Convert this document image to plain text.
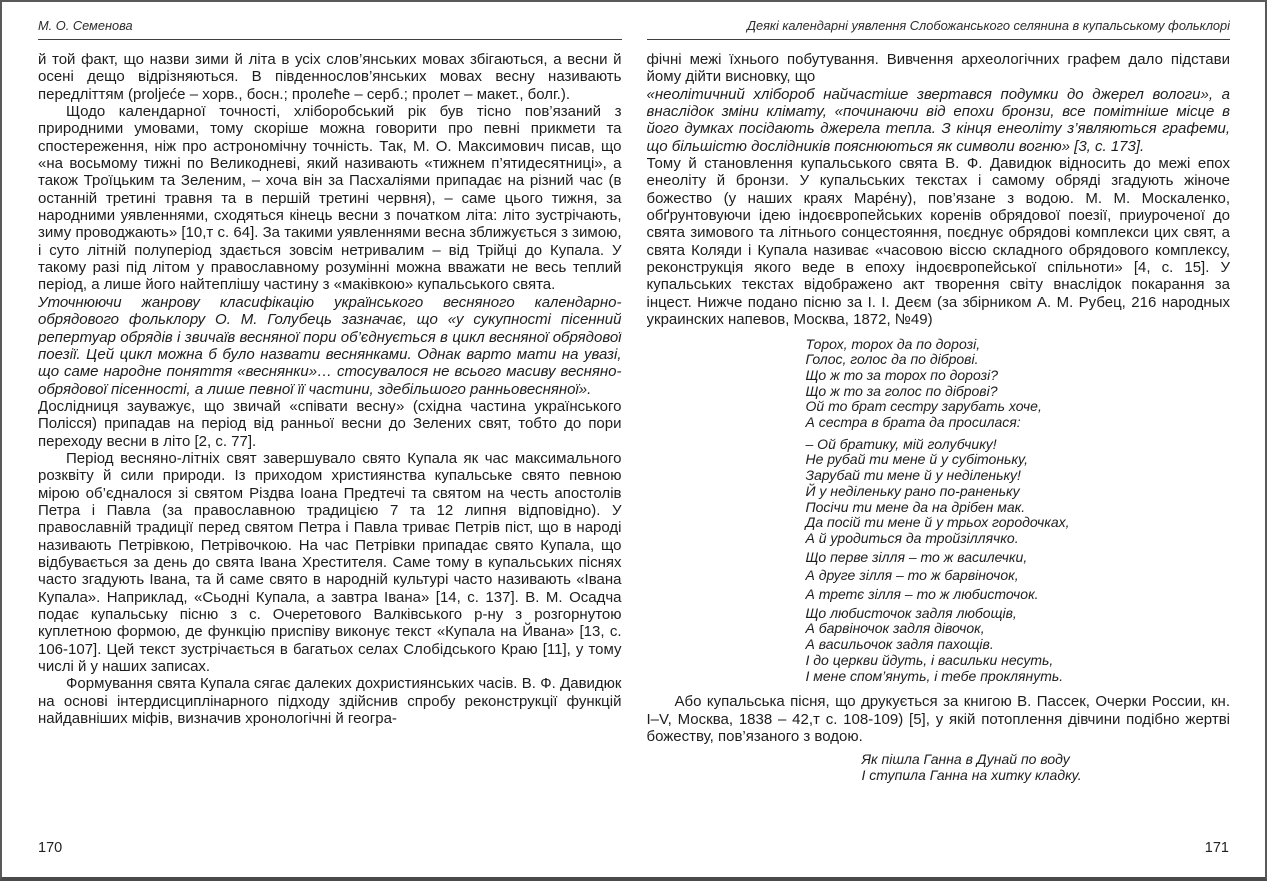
М. О. Семенова

й той факт, що назви зими й літа в усіх слов’янських мовах збігаються, а весни й осені дещо відрізняються. В південнослов’янських мовах весну називають передліттям (proljeće – хорв., босн.; пролеће – серб.; пролет – макет., болг.).

Щодо календарної точності, хліборобський рік був тісно пов’язаний з природними умовами, тому скоріше можна говорити про певні прикмети та спостереження, ніж про астрономічну точність. Так, М. О. Максимович писав, що «на восьмому тижні по Великодневі, який називають «тижнем п’ятидесятниці», а також Троїцьким та Зеленим, – хоча він за Пасхаліями припадає на різний час (в останній третині травня та в першій третині червня), – саме цього тижня, за народними уявленнями, сходяться кінець весни з початком літа: літо зустрічають, зиму проводжають» [10,т с. 64]. За такими уявленнями весна зближується з зимою, і суто літній полуперіод здається зовсім нетривалим – від Трійці до Купала. У такому разі під літом у православному розумінні можна вважати не весь теплий період, а лише його найтеплішу частину з «маківкою» купальського свята.

Уточнюючи жанрову класифікацію українського весняного календарно-обрядового фольклору О. М. Голубець зазначає, що «у сукупності пісенний репертуар обрядів і звичаїв весняної пори об’єднується в цикл весняної обрядової поезії. Цей цикл можна б було назвати веснянками. Однак варто мати на увазі, що саме народне поняття «веснянки»… стосувалося не всього масиву весняно-обрядової пісенності, а лише певної її частини, здебільшого ранньовесняної».

Дослідниця зауважує, що звичай «співати весну» (східна частина українського Полісся) припадав на період від ранньої весни до Зелених свят, тобто до пори переходу весни в літо [2, с. 77].

Період весняно-літніх свят завершувало свято Купала як час максимального розквіту й сили природи. Із приходом християнства купальське свято певною мірою об’єдналося зі святом Різдва Іоана Предтечі та святом на честь апостолів Петра і Павла (за православною традицією 7 та 12 липня відповідно). У православній традиції перед святом Петра і Павла триває Петрів піст, що в народі називають Петрівкою, Петрівочкою. На час Петрівки припадає свято Купала, що відбувається за день до свята Івана Хрестителя. Саме тому в купальських піснях часто згадують Івана, та й саме свято в народній культурі часто називають «Івана Купала». Наприклад, «Сьодні Купала, а завтра Івана» [14, с. 137]. В. М. Осадча подає купальську пісню з с. Очеретового Валківського р-ну з розгорнутою куплетною формою, де функцію приспіву виконує текст «Купала на Йвана» [13, с. 106-107]. Цей текст зустрічається в багатьох селах Слобідського Краю [11], у тому числі й у наших записах.

Формування свята Купала сягає далеких дохристиянських часів. В. Ф. Давидюк на основі інтердисциплінарного підходу здійснив спробу реконструкції функцій найдавніших міфів, визначив хронологічні й геогра-

Деякі календарні уявлення Слобожанського селянина в купальському фольклорі

фічні межі їхнього побутування. Вивчення археологічних графем дало підстави йому дійти висновку, що

«неолітичний хлібороб найчастіше звертався подумки до джерел вологи», а внаслідок зміни клімату, «починаючи від епохи бронзи, все помітніше місце в його думках посідають джерела тепла. З кінця енеоліту з’являються графеми, що більшістю дослідників пояснюються як символи вогню» [3, с. 173].

Тому й становлення купальського свята В. Ф. Давидюк відносить до межі епох енеоліту й бронзи. У купальських текстах і самому обряді згадують жіноче божество (у наших краях Марéну), пов’язане з водою. М. М. Москаленко, обґрунтовуючи ідею індоєвропейських коренів обрядової поезії, приуроченої до свята зимового та літнього сонцестояння, поєднує обрядові комплекси цих свят, а свята Коляди і Купала називає «часовою віссю складного обрядового комплексу, реконструкція якого веде в епоху індоєвропейської спільноти» [4, с. 15]. У купальських текстах відображено акт творення світу внаслідок покарання за інцест. Нижче подано пісню за І. І. Деєм (за збірником А. М. Рубец, 216 народных украинских напевов, Москва, 1872, №49)

Торох, торох да по дорозі,
Голос, голос да по діброві.
Що ж то за торох по дорозі?
Що ж то за голос по діброві?
Ой то брат сестру зарубать хоче,
А сестра в брата да просилася:
– Ой братику, мій голубчику!
Не рубай ти мене й у субітоньку,
Зарубай ти мене й у неділеньку!
Й у неділеньку рано по-раненьку
Посічи ти мене да на дрібен мак.
Да посій ти мене й у трьох городочках,
А й уродиться да тройзіллячко.
Що перве зілля – то ж василечки,
А друге зілля – то ж барвіночок,
А третє зілля – то ж любисточок.
Що любисточок задля любощів,
А барвіночок задля дівочок,
А васильочок задля пахощів.
І до церкви йдуть, і васильки несуть,
І мене спом’януть, і тебе проклянуть.

Або купальська пісня, що друкується за книгою В. Пассек, Очерки России, кн. І–V, Москва, 1838 – 42,т с. 108-109) [5], у якій потоплення дівчини подібно жертві божеству, пов’язаного з водою.

Як пішла Ганна в Дунай по воду
І ступила Ганна на хитку кладку.
170	171
